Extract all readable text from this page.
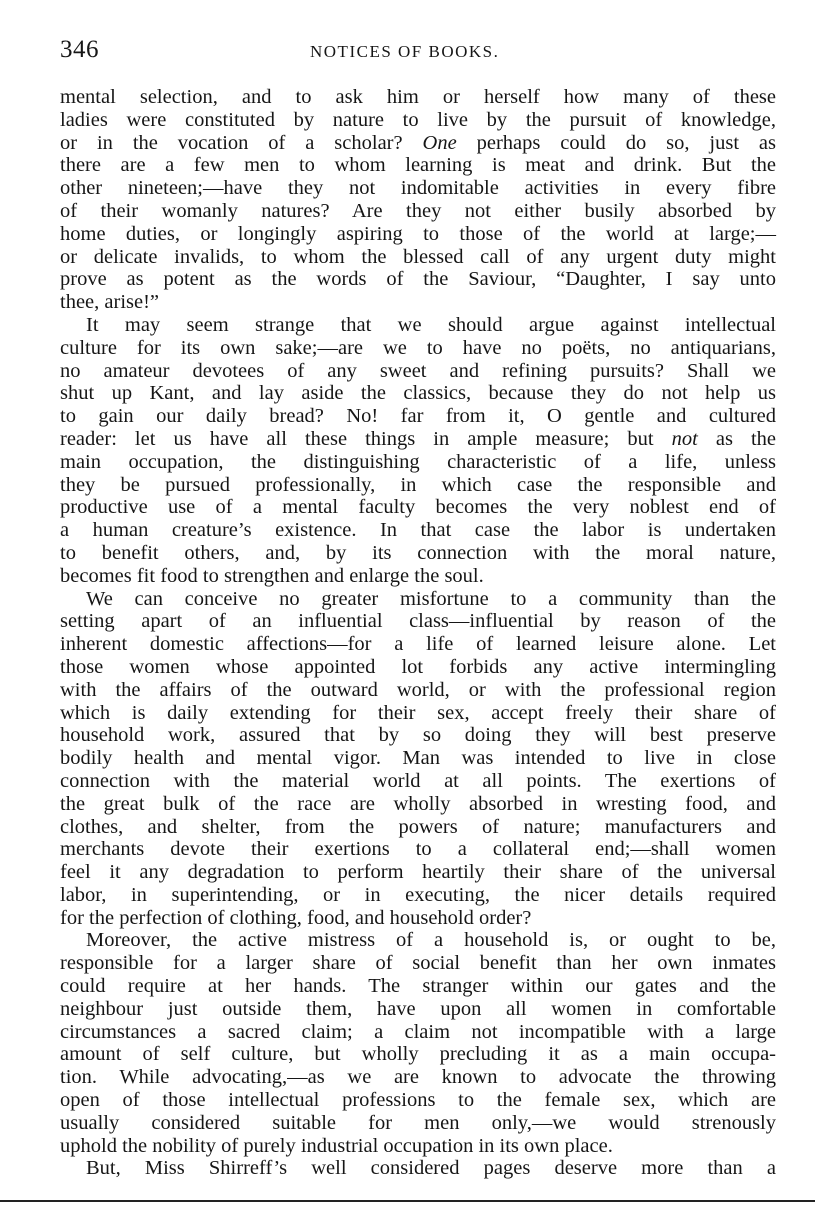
346	NOTICES OF BOOKS.
mental selection, and to ask him or herself how many of these
ladies were constituted by nature to live by the pursuit of knowledge,
or in the vocation of a scholar? One perhaps could do so, just as
there are a few men to whom learning is meat and drink. But the
other nineteen;—have they not indomitable activities in every fibre
of their womanly natures? Are they not either busily absorbed by
home duties, or longingly aspiring to those of the world at large;—
or delicate invalids, to whom the blessed call of any urgent duty might
prove as potent as the words of the Saviour, “Daughter, I say unto
thee, arise!”
It may seem strange that we should argue against intellectual
culture for its own sake;—are we to have no poëts, no antiquarians,
no amateur devotees of any sweet and refining pursuits? Shall we
shut up Kant, and lay aside the classics, because they do not help us
to gain our daily bread? No! far from it, O gentle and cultured
reader: let us have all these things in ample measure; but not as the
main occupation, the distinguishing characteristic of a life, unless
they be pursued professionally, in which case the responsible and
productive use of a mental faculty becomes the very noblest end of
a human creature’s existence. In that case the labor is undertaken
to benefit others, and, by its connection with the moral nature,
becomes fit food to strengthen and enlarge the soul.
We can conceive no greater misfortune to a community than the
setting apart of an influential class—influential by reason of the
inherent domestic affections—for a life of learned leisure alone. Let
those women whose appointed lot forbids any active intermingling
with the affairs of the outward world, or with the professional region
which is daily extending for their sex, accept freely their share of
household work, assured that by so doing they will best preserve
bodily health and mental vigor. Man was intended to live in close
connection with the material world at all points. The exertions of
the great bulk of the race are wholly absorbed in wresting food, and
clothes, and shelter, from the powers of nature; manufacturers and
merchants devote their exertions to a collateral end;—shall women
feel it any degradation to perform heartily their share of the universal
labor, in superintending, or in executing, the nicer details required
for the perfection of clothing, food, and household order?
Moreover, the active mistress of a household is, or ought to be,
responsible for a larger share of social benefit than her own inmates
could require at her hands. The stranger within our gates and the
neighbour just outside them, have upon all women in comfortable
circumstances a sacred claim; a claim not incompatible with a large
amount of self culture, but wholly precluding it as a main occupa-
tion. While advocating,—as we are known to advocate the throwing
open of those intellectual professions to the female sex, which are
usually considered suitable for men only,—we would strenously
uphold the nobility of purely industrial occupation in its own place.
But, Miss Shirreff’s well considered pages deserve more than a
